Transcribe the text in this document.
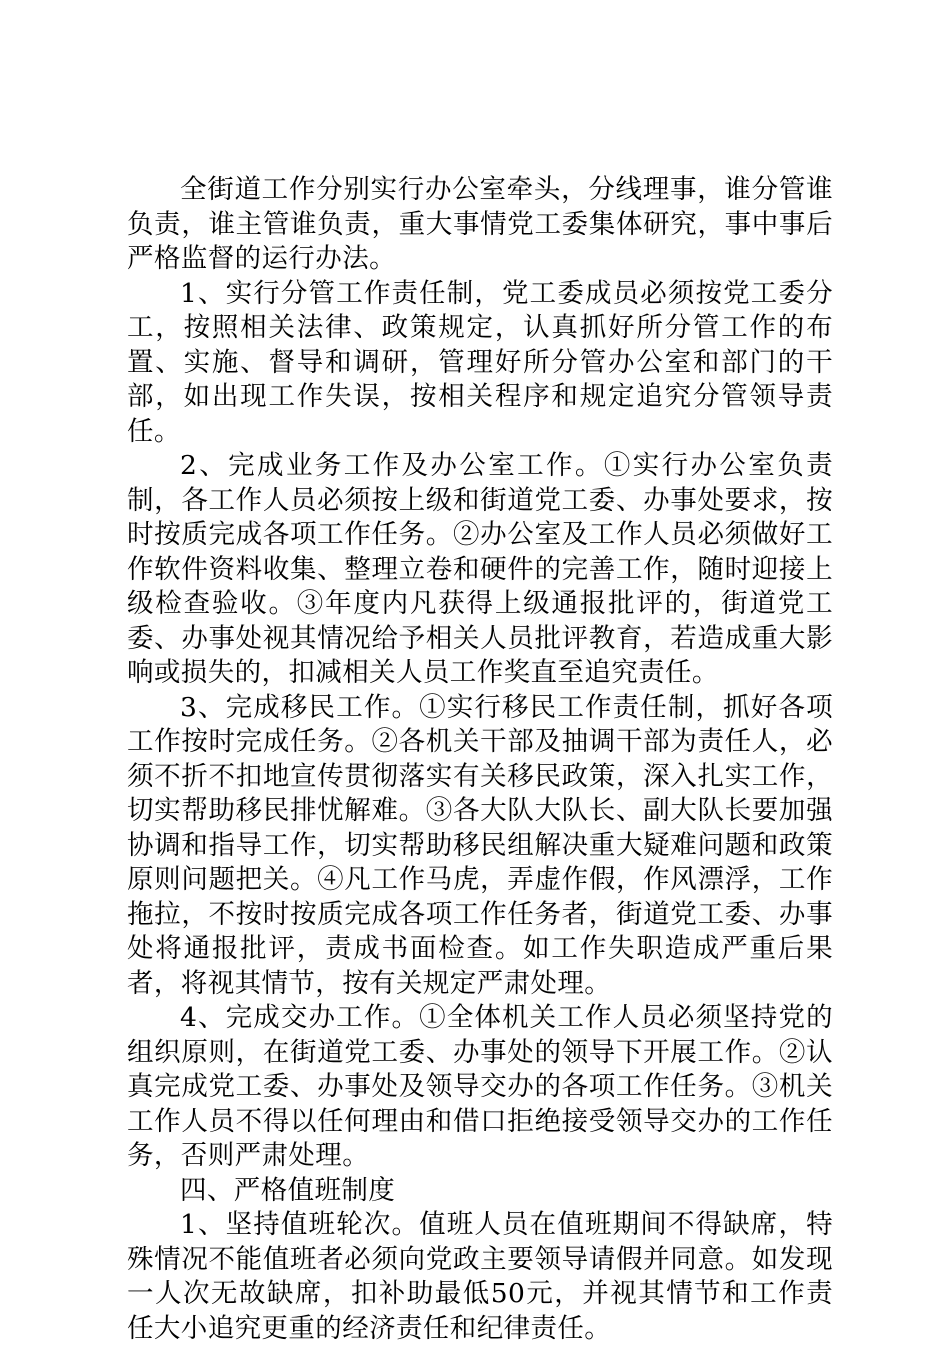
全街道工作分别实行办公室牵头，分线理事，谁分管谁负责，谁主管谁负责，重大事情党工委集体研究，事中事后严格监督的运行办法。

1、实行分管工作责任制，党工委成员必须按党工委分工，按照相关法律、政策规定，认真抓好所分管工作的布置、实施、督导和调研，管理好所分管办公室和部门的干部，如出现工作失误，按相关程序和规定追究分管领导责任。

2、完成业务工作及办公室工作。①实行办公室负责制，各工作人员必须按上级和街道党工委、办事处要求，按时按质完成各项工作任务。②办公室及工作人员必须做好工作软件资料收集、整理立卷和硬件的完善工作，随时迎接上级检查验收。③年度内凡获得上级通报批评的，街道党工委、办事处视其情况给予相关人员批评教育，若造成重大影响或损失的，扣减相关人员工作奖直至追究责任。

3、完成移民工作。①实行移民工作责任制，抓好各项工作按时完成任务。②各机关干部及抽调干部为责任人，必须不折不扣地宣传贯彻落实有关移民政策，深入扎实工作，切实帮助移民排忧解难。③各大队大队长、副大队长要加强协调和指导工作，切实帮助移民组解决重大疑难问题和政策原则问题把关。④凡工作马虎，弄虚作假，作风漂浮，工作拖拉，不按时按质完成各项工作任务者，街道党工委、办事处将通报批评，责成书面检查。如工作失职造成严重后果者，将视其情节，按有关规定严肃处理。

4、完成交办工作。①全体机关工作人员必须坚持党的组织原则，在街道党工委、办事处的领导下开展工作。②认真完成党工委、办事处及领导交办的各项工作任务。③机关工作人员不得以任何理由和借口拒绝接受领导交办的工作任务，否则严肃处理。

四、严格值班制度

1、坚持值班轮次。值班人员在值班期间不得缺席，特殊情况不能值班者必须向党政主要领导请假并同意。如发现一人次无故缺席，扣补助最低50元，并视其情节和工作责任大小追究更重的经济责任和纪律责任。
